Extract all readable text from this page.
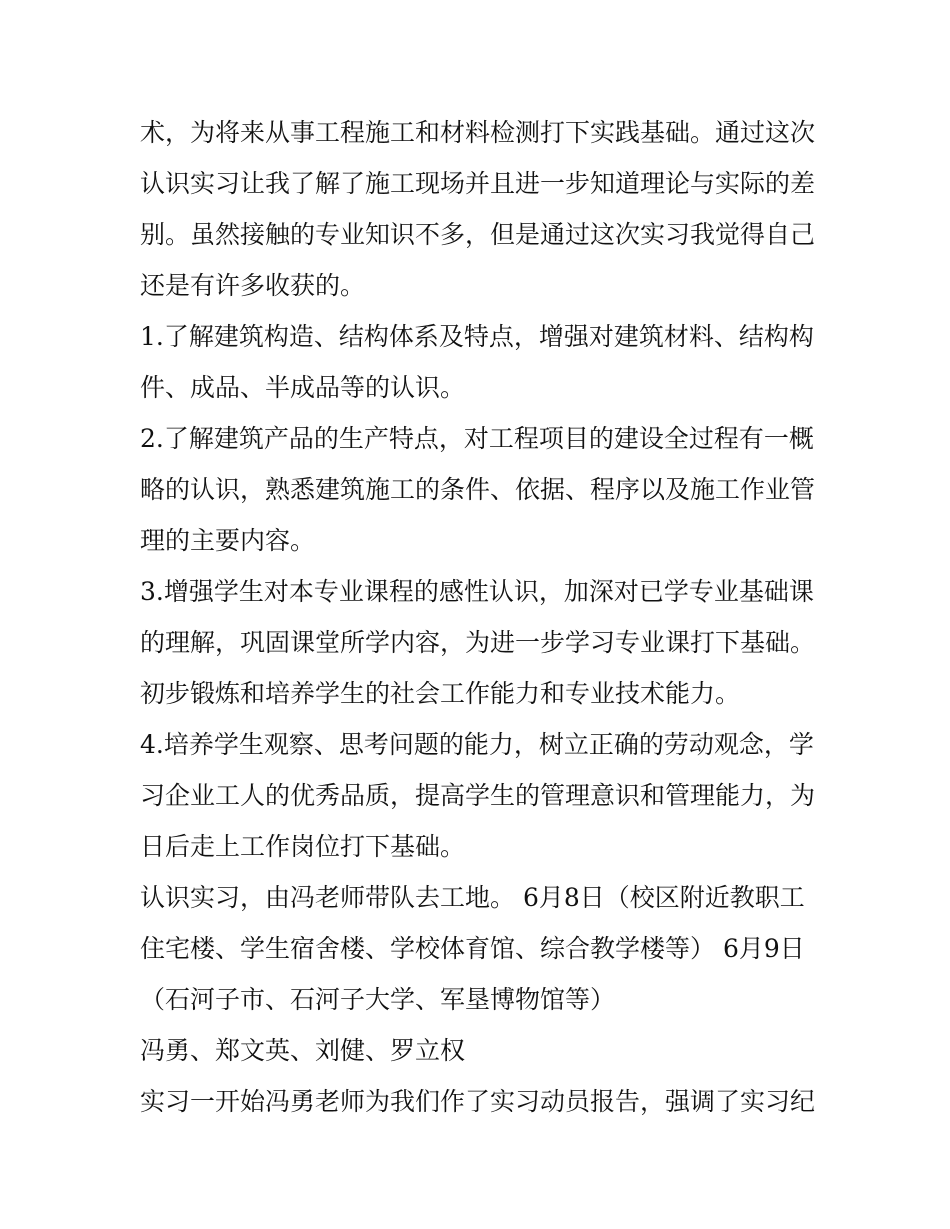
术，为将来从事工程施工和材料检测打下实践基础。通过这次
认识实习让我了解了施工现场并且进一步知道理论与实际的差
别。虽然接触的专业知识不多，但是通过这次实习我觉得自己
还是有许多收获的。
1.了解建筑构造、结构体系及特点，增强对建筑材料、结构构
件、成品、半成品等的认识。
2.了解建筑产品的生产特点，对工程项目的建设全过程有一概
略的认识，熟悉建筑施工的条件、依据、程序以及施工作业管
理的主要内容。
3.增强学生对本专业课程的感性认识，加深对已学专业基础课
的理解，巩固课堂所学内容，为进一步学习专业课打下基础。
初步锻炼和培养学生的社会工作能力和专业技术能力。
4.培养学生观察、思考问题的能力，树立正确的劳动观念，学
习企业工人的优秀品质，提高学生的管理意识和管理能力，为
日后走上工作岗位打下基础。
认识实习，由冯老师带队去工地。 6月8日（校区附近教职工
住宅楼、学生宿舍楼、学校体育馆、综合教学楼等） 6月9日
（石河子市、石河子大学、军垦博物馆等）
冯勇、郑文英、刘健、罗立权
实习一开始冯勇老师为我们作了实习动员报告，强调了实习纪
